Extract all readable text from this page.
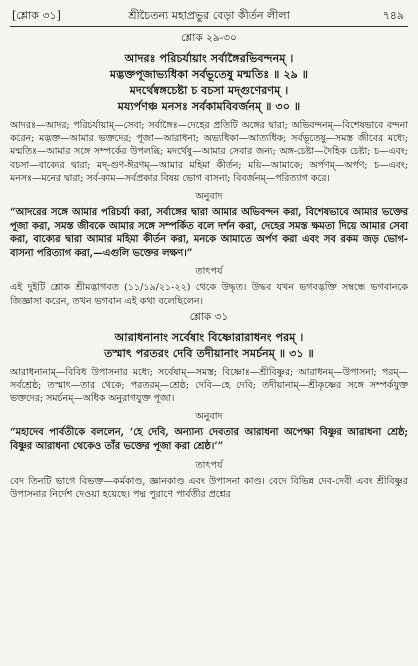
[শ্লোক ৩১]	শ্রীচৈতন্য মহাপ্রভুর বেড়া কীর্তন লীলা	৭৪৯
শ্লোক ২৯-৩০
আদরঃ পরিচর্যায়াং সর্বাঙ্গৈরভিবন্দনম্ ।
মদ্ভক্তপূজাভ্যধিকা সর্বভূতেষু মন্মতিঃ ॥ ২৯ ॥
মদর্থেষ্বঙ্গচেষ্টা চ বচসা মদ্গুণেরণম্ ।
ময্যর্পণঞ্চ মনসঃ সর্বকামবিবর্জনম্ ॥ ৩০ ॥

আদরঃ—আদর; পরিচর্যায়াম্—সেবা; সর্বাঙ্গৈঃ—দেহের প্রতিটি অঙ্গের দ্বারা; অভিবন্দনম্—বিশেষভাবে বন্দনা করেন; মদ্ভক্ত—আমার ভক্তদের; পূজা—আরাধনা; অভ্যধিকা—আত্যধিক; সর্বভূতেষু—সমস্ত জীবের মধ্যে; মন্মতিঃ—আমার সঙ্গে সম্পর্কের উপলব্ধি; মদর্থেষু—আমার সেবার জন্য; অঙ্গ-চেষ্টা—দৈহিক চেষ্টা; চ—এবং; বচসা—বাক্যের দ্বারা; মদ্-গুণ-ঈরণম্—আমার মহিমা কীর্তন; ময়ি—আমাকে; অর্পণম্—অর্পণ; চ—এবং; মনসঃ—মনের দ্বারা; সর্ব-কাম—সর্বপ্রকার বিষয় ভোগ বাসনা; বিবর্জনম্—পরিত্যাগ করে।

অনুবাদ
“আদরের সঙ্গে আমার পরিচর্যা করা, সর্বাঙ্গের দ্বারা আমার অভিবন্দন করা, বিশেষভাবে আমার ভক্তের পূজা করা, সমস্ত জীবকে আমার সঙ্গে সম্পর্কিত বলে দর্শন করা, দেহের সমস্ত ক্ষমতা দিয়ে আমার সেবা করা, বাক্যের দ্বারা আমার মহিমা কীর্তন করা, মনকে আমাতে অর্পণ করা এবং সব রকম জড় ভোগ-বাসনা পরিত্যাগ করা,—এগুলি ভক্তের লক্ষণ।”
তাৎপর্য
এই দুইটি শ্লোক শ্রীমদ্ভাগবত (১১/১৯/২১-২২) থেকে উদ্ধৃত। উদ্ধব যখন ভগবদ্ভক্তি সম্বন্ধে ভগবানকে জিজ্ঞাসা করেন, তখন ভগবান এই কথা বলেছিলেন।
শ্লোক ৩১
আরাধনানাং সর্বেষাং বিষ্ণোরারাধনং পরম্ ।
তস্মাৎ পরতরং দেবি তদীয়ানাং সমর্চনম্ ॥ ৩১ ॥

আরাধনানাম্—বিবিধ উপাসনার মধ্যে; সর্বেষাম্—সমস্ত; বিষ্ণোঃ—শ্রীবিষ্ণুর; আরাধনম্—উপাসনা; পরম্—সর্বশ্রেষ্ঠ; তস্মাৎ—তার থেকে; পরতরম্—শ্রেষ্ঠ; দেবি—হে দেবি; তদীয়ানাম্—শ্রীকৃষ্ণের সঙ্গে সম্পর্কযুক্ত ভক্তদের; সমর্চনম্—অধিক অনুরাগযুক্ত পূজা।

অনুবাদ
“মহাদেব পার্বতীকে বললেন, ‘হে দেবি, অন্যান্য দেবতার আরাধনা অপেক্ষা বিষ্ণুর আরাধনা শ্রেষ্ঠ; বিষ্ণুর আরাধনা থেকেও তাঁর ভক্তের পূজা করা শ্রেষ্ঠ।’”
তাৎপর্য
বেদ তিনটি ভাগে বিভক্ত—কর্মকাণ্ড, জ্ঞানকাণ্ড এবং উপাসনা কাণ্ড। বেদে বিভিন্ন দেব-দেবী এবং শ্রীবিষ্ণুর উপাসনার নির্দেশ দেওয়া হয়েছে। পদ্ম পুরাণে পার্বতীর প্রশ্নের
